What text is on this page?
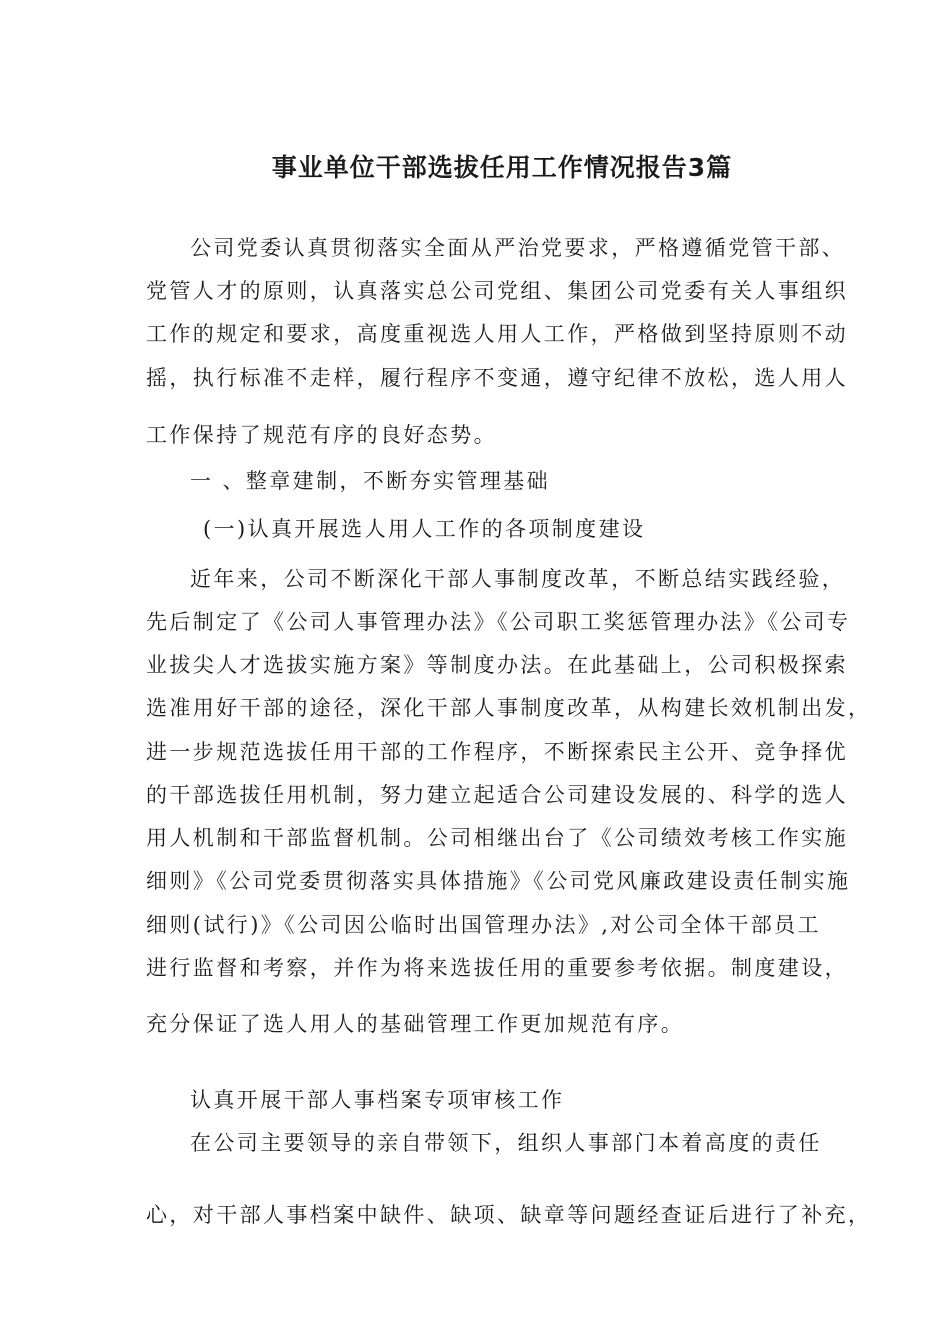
事业单位干部选拔任用工作情况报告3篇
公司党委认真贯彻落实全面从严治党要求，严格遵循党管干部、
党管人才的原则，认真落实总公司党组、集团公司党委有关人事组织
工作的规定和要求，高度重视选人用人工作，严格做到坚持原则不动
摇，执行标准不走样，履行程序不变通，遵守纪律不放松，选人用人
工作保持了规范有序的良好态势。
一 、整章建制，不断夯实管理基础
(一)认真开展选人用人工作的各项制度建设
近年来，公司不断深化干部人事制度改革，不断总结实践经验，
先后制定了《公司人事管理办法》《公司职工奖惩管理办法》《公司专
业拔尖人才选拔实施方案》等制度办法。在此基础上，公司积极探索
选准用好干部的途径，深化干部人事制度改革，从构建长效机制出发，
进一步规范选拔任用干部的工作程序，不断探索民主公开、竞争择优
的干部选拔任用机制，努力建立起适合公司建设发展的、科学的选人
用人机制和干部监督机制。公司相继出台了《公司绩效考核工作实施
细则》《公司党委贯彻落实具体措施》《公司党风廉政建设责任制实施
细则(试行)》《公司因公临时出国管理办法》,对公司全体干部员工
进行监督和考察，并作为将来选拔任用的重要参考依据。制度建设，
充分保证了选人用人的基础管理工作更加规范有序。
认真开展干部人事档案专项审核工作
在公司主要领导的亲自带领下，组织人事部门本着高度的责任
心，对干部人事档案中缺件、缺项、缺章等问题经查证后进行了补充，
